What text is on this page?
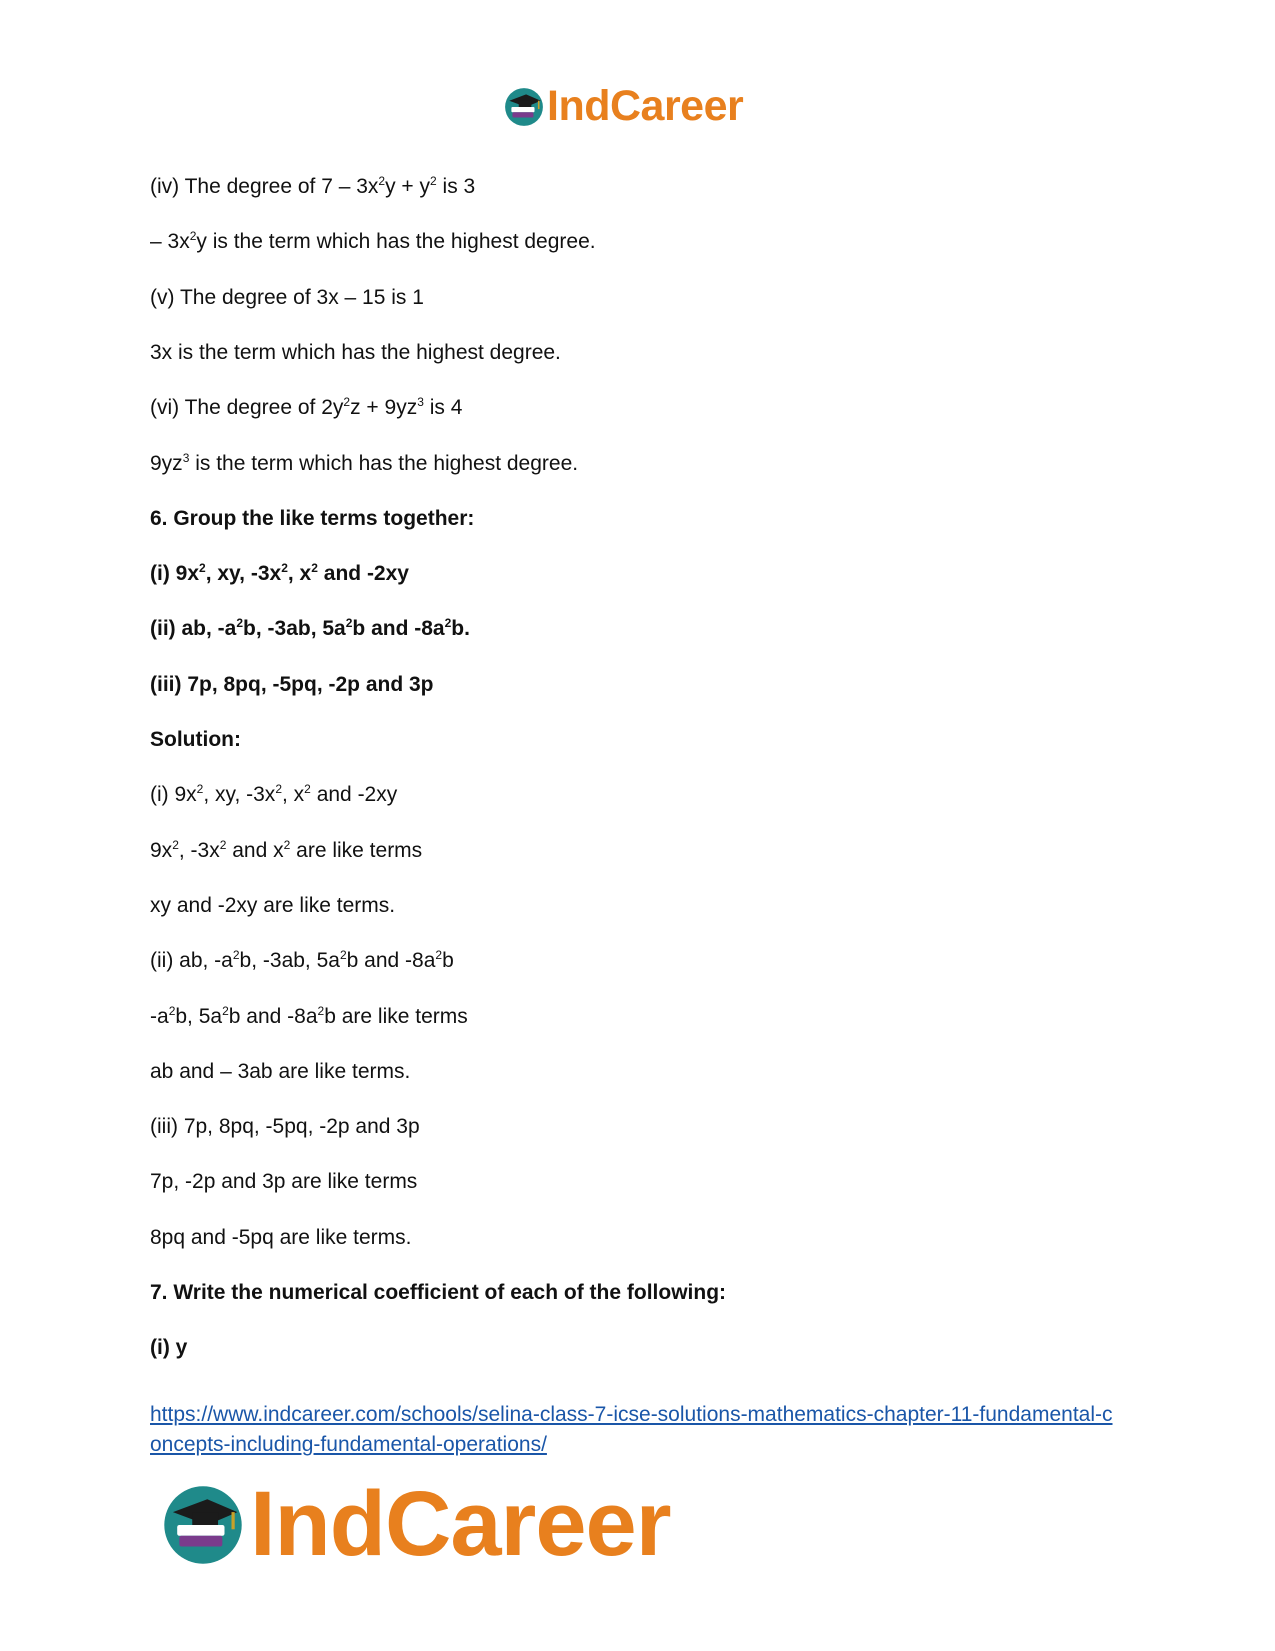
IndCareer
(iv) The degree of $7 - 3x^2y + y^2$ is 3
– $3x^2y$ is the term which has the highest degree.
(v) The degree of 3x – 15 is 1
3x is the term which has the highest degree.
(vi) The degree of $2y^2z + 9yz^3$ is 4
$9yz^3$ is the term which has the highest degree.
6. Group the like terms together:
(i) $9x^2$, xy, $-3x^2$, $x^2$ and -2xy
(ii) ab, $-a^2b$, -3ab, $5a^2b$ and $-8a^2b$.
(iii) 7p, 8pq, -5pq, -2p and 3p
Solution:
(i) $9x^2$, xy, $-3x^2$, $x^2$ and -2xy
$9x^2$, $-3x^2$ and $x^2$ are like terms
xy and -2xy are like terms.
(ii) ab, $-a^2b$, -3ab, $5a^2b$ and $-8a^2b$
$-a^2b$, $5a^2b$ and $-8a^2b$ are like terms
ab and – 3ab are like terms.
(iii) 7p, 8pq, -5pq, -2p and 3p
7p, -2p and 3p are like terms
8pq and -5pq are like terms.
7. Write the numerical coefficient of each of the following:
(i) y
https://www.indcareer.com/schools/selina-class-7-icse-solutions-mathematics-chapter-11-fundamental-concepts-including-fundamental-operations/
IndCareer
